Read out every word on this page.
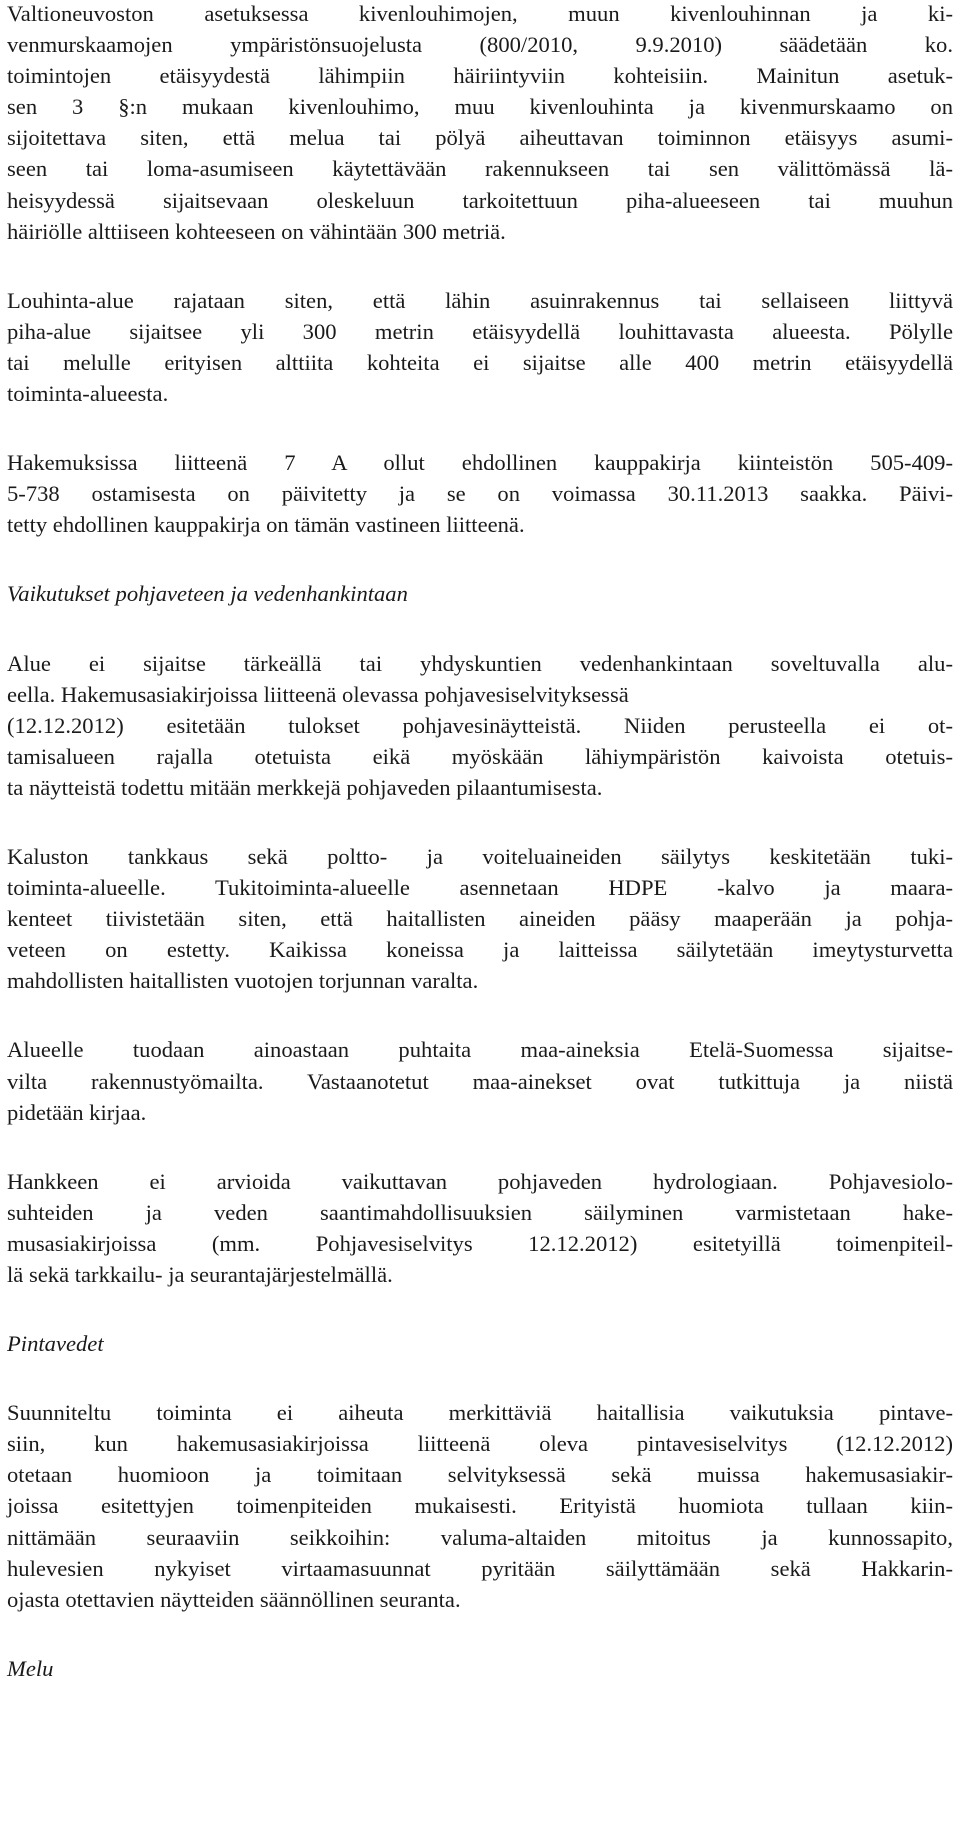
Valtioneuvoston asetuksessa kivenlouhimojen, muun kivenlouhinnan ja ki-
venmurskaamojen ympäristönsuojelusta (800/2010, 9.9.2010) säädetään ko.
toimintojen etäisyydestä lähimpiin häiriintyviin kohteisiin. Mainitun asetuk-
sen 3 §:n mukaan kivenlouhimo, muu kivenlouhinta ja kivenmurskaamo on
sijoitettava siten, että melua tai pölyä aiheuttavan toiminnon etäisyys asumi-
seen tai loma-asumiseen käytettävään rakennukseen tai sen välittömässä lä-
heisyydessä sijaitsevaan oleskeluun tarkoitettuun piha-alueeseen tai muuhun
häiriölle alttiiseen kohteeseen on vähintään 300 metriä.

Louhinta-alue rajataan siten, että lähin asuinrakennus tai sellaiseen liittyvä
piha-alue sijaitsee yli 300 metrin etäisyydellä louhittavasta alueesta. Pölylle
tai melulle erityisen alttiita kohteita ei sijaitse alle 400 metrin etäisyydellä
toiminta-alueesta.

Hakemuksissa liitteenä 7 A ollut ehdollinen kauppakirja kiinteistön 505-409-
5-738 ostamisesta on päivitetty ja se on voimassa 30.11.2013 saakka. Päivi-
tetty ehdollinen kauppakirja on tämän vastineen liitteenä.

Vaikutukset pohjaveteen ja vedenhankintaan

Alue ei sijaitse tärkeällä tai yhdyskuntien vedenhankintaan soveltuvalla alu-
eella. Hakemusasiakirjoissa liitteenä olevassa pohjavesiselvityksessä
(12.12.2012) esitetään tulokset pohjavesinäytteistä. Niiden perusteella ei ot-
tamisalueen rajalla otetuista eikä myöskään lähiympäristön kaivoista otetuis-
ta näytteistä todettu mitään merkkejä pohjaveden pilaantumisesta.

Kaluston tankkaus sekä poltto- ja voiteluaineiden säilytys keskitetään tuki-
toiminta-alueelle. Tukitoiminta-alueelle asennetaan HDPE -kalvo ja maara-
kenteet tiivistetään siten, että haitallisten aineiden pääsy maaperään ja pohja-
veteen on estetty. Kaikissa koneissa ja laitteissa säilytetään imeytysturvetta
mahdollisten haitallisten vuotojen torjunnan varalta.

Alueelle tuodaan ainoastaan puhtaita maa-aineksia Etelä-Suomessa sijaitse-
vilta rakennustyömailta. Vastaanotetut maa-ainekset ovat tutkittuja ja niistä
pidetään kirjaa.

Hankkeen ei arvioida vaikuttavan pohjaveden hydrologiaan. Pohjavesiolo-
suhteiden ja veden saantimahdollisuuksien säilyminen varmistetaan hake-
musasiakirjoissa (mm. Pohjavesiselvitys 12.12.2012) esitetyillä toimenpiteil-
lä sekä tarkkailu- ja seurantajärjestelmällä.

Pintavedet

Suunniteltu toiminta ei aiheuta merkittäviä haitallisia vaikutuksia pintave-
siin, kun hakemusasiakirjoissa liitteenä oleva pintavesiselvitys (12.12.2012)
otetaan huomioon ja toimitaan selvityksessä sekä muissa hakemusasiakir-
joissa esitettyjen toimenpiteiden mukaisesti. Erityistä huomiota tullaan kiin-
nittämään seuraaviin seikkoihin: valuma-altaiden mitoitus ja kunnossapito,
hulevesien nykyiset virtaamasuunnat pyritään säilyttämään sekä Hakkarin-
ojasta otettavien näytteiden säännöllinen seuranta.

Melu
